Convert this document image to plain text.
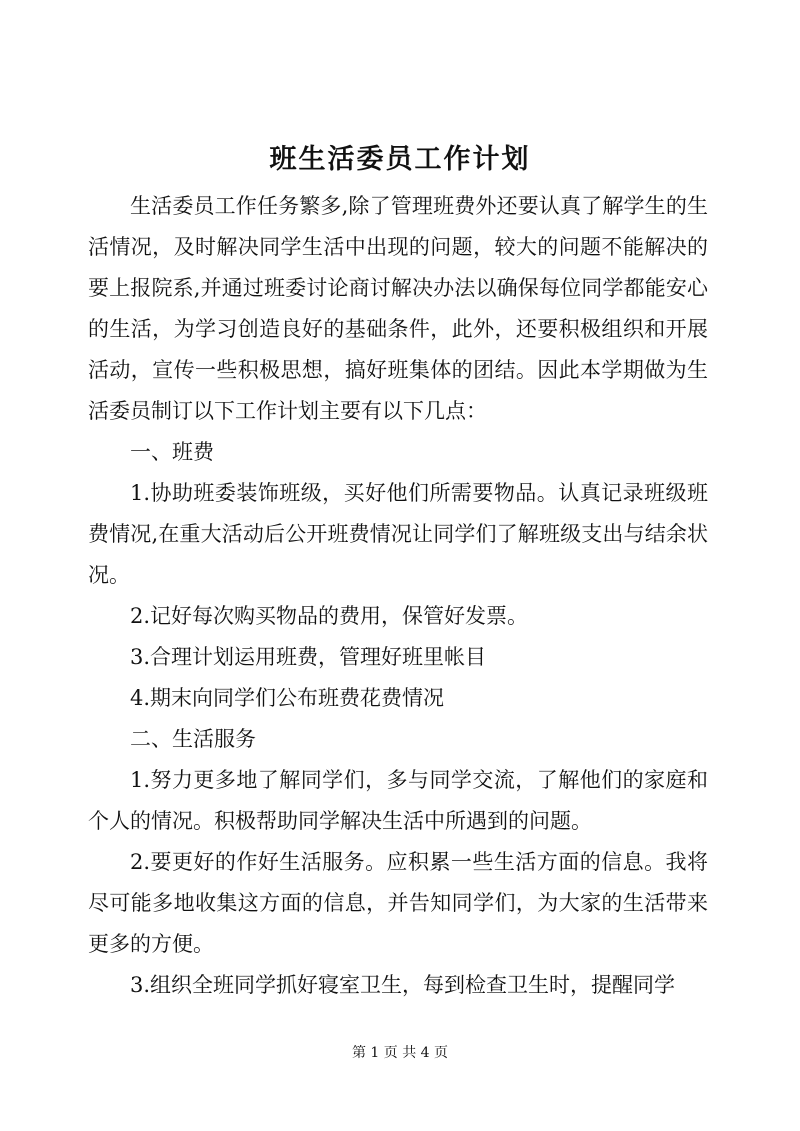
班生活委员工作计划

生活委员工作任务繁多,除了管理班费外还要认真了解学生的生活情况，及时解决同学生活中出现的问题，较大的问题不能解决的要上报院系,并通过班委讨论商讨解决办法以确保每位同学都能安心的生活，为学习创造良好的基础条件，此外，还要积极组织和开展活动，宣传一些积极思想，搞好班集体的团结。因此本学期做为生活委员制订以下工作计划主要有以下几点：

一、班费

1.协助班委装饰班级，买好他们所需要物品。认真记录班级班费情况,在重大活动后公开班费情况让同学们了解班级支出与结余状况。

2.记好每次购买物品的费用，保管好发票。

3.合理计划运用班费，管理好班里帐目

4.期末向同学们公布班费花费情况

二、生活服务

1.努力更多地了解同学们，多与同学交流，了解他们的家庭和个人的情况。积极帮助同学解决生活中所遇到的问题。

2.要更好的作好生活服务。应积累一些生活方面的信息。我将尽可能多地收集这方面的信息，并告知同学们，为大家的生活带来更多的方便。

3.组织全班同学抓好寝室卫生，每到检查卫生时，提醒同学

第 1 页 共 4 页
